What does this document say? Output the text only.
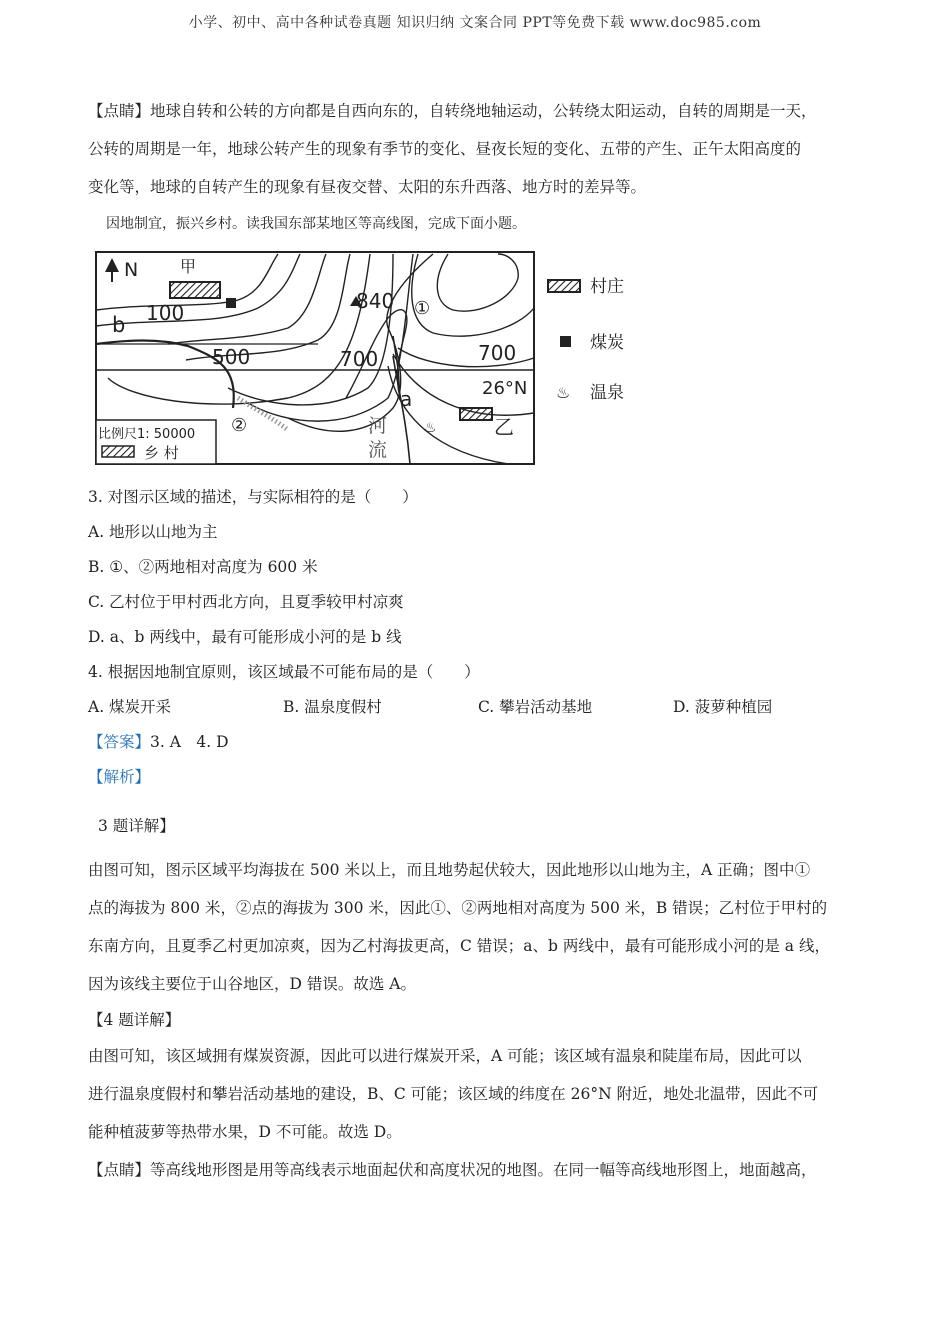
小学、初中、高中各种试卷真题 知识归纳 文案合同 PPT等免费下载 www.doc985.com

【点睛】地球自转和公转的方向都是自西向东的，自转绕地轴运动，公转绕太阳运动，自转的周期是一天，

公转的周期是一年，地球公转产生的现象有季节的变化、昼夜长短的变化、五带的产生、正午太阳高度的

变化等，地球的自转产生的现象有昼夜交替、太阳的东升西落、地方时的差异等。

因地制宜，振兴乡村。读我国东部某地区等高线图，完成下面小题。

N	甲
100
b
500	700	700
840 ①
②
a	26°N
河
流
♨	乙
比例尺1: 50000
乡 村
村庄
煤炭
♨ 温泉

3. 对图示区域的描述，与实际相符的是（　　）

A. 地形以山地为主

B. ①、②两地相对高度为 600 米

C. 乙村位于甲村西北方向，且夏季较甲村凉爽

D. a、b 两线中，最有可能形成小河的是 b 线

4. 根据因地制宜原则，该区域最不可能布局的是（　　）

A. 煤炭开采	B. 温泉度假村	C. 攀岩活动基地	D. 菠萝种植园

【答案】3. A　4. D

【解析】

3 题详解】

由图可知，图示区域平均海拔在 500 米以上，而且地势起伏较大，因此地形以山地为主，A 正确；图中①

点的海拔为 800 米，②点的海拔为 300 米，因此①、②两地相对高度为 500 米，B 错误；乙村位于甲村的

东南方向，且夏季乙村更加凉爽，因为乙村海拔更高，C 错误；a、b 两线中，最有可能形成小河的是 a 线，

因为该线主要位于山谷地区，D 错误。故选 A。

【4 题详解】

由图可知，该区域拥有煤炭资源，因此可以进行煤炭开采，A 可能；该区域有温泉和陡崖布局，因此可以

进行温泉度假村和攀岩活动基地的建设，B、C 可能；该区域的纬度在 26°N 附近，地处北温带，因此不可

能种植菠萝等热带水果，D 不可能。故选 D。

【点睛】等高线地形图是用等高线表示地面起伏和高度状况的地图。在同一幅等高线地形图上，地面越高，
